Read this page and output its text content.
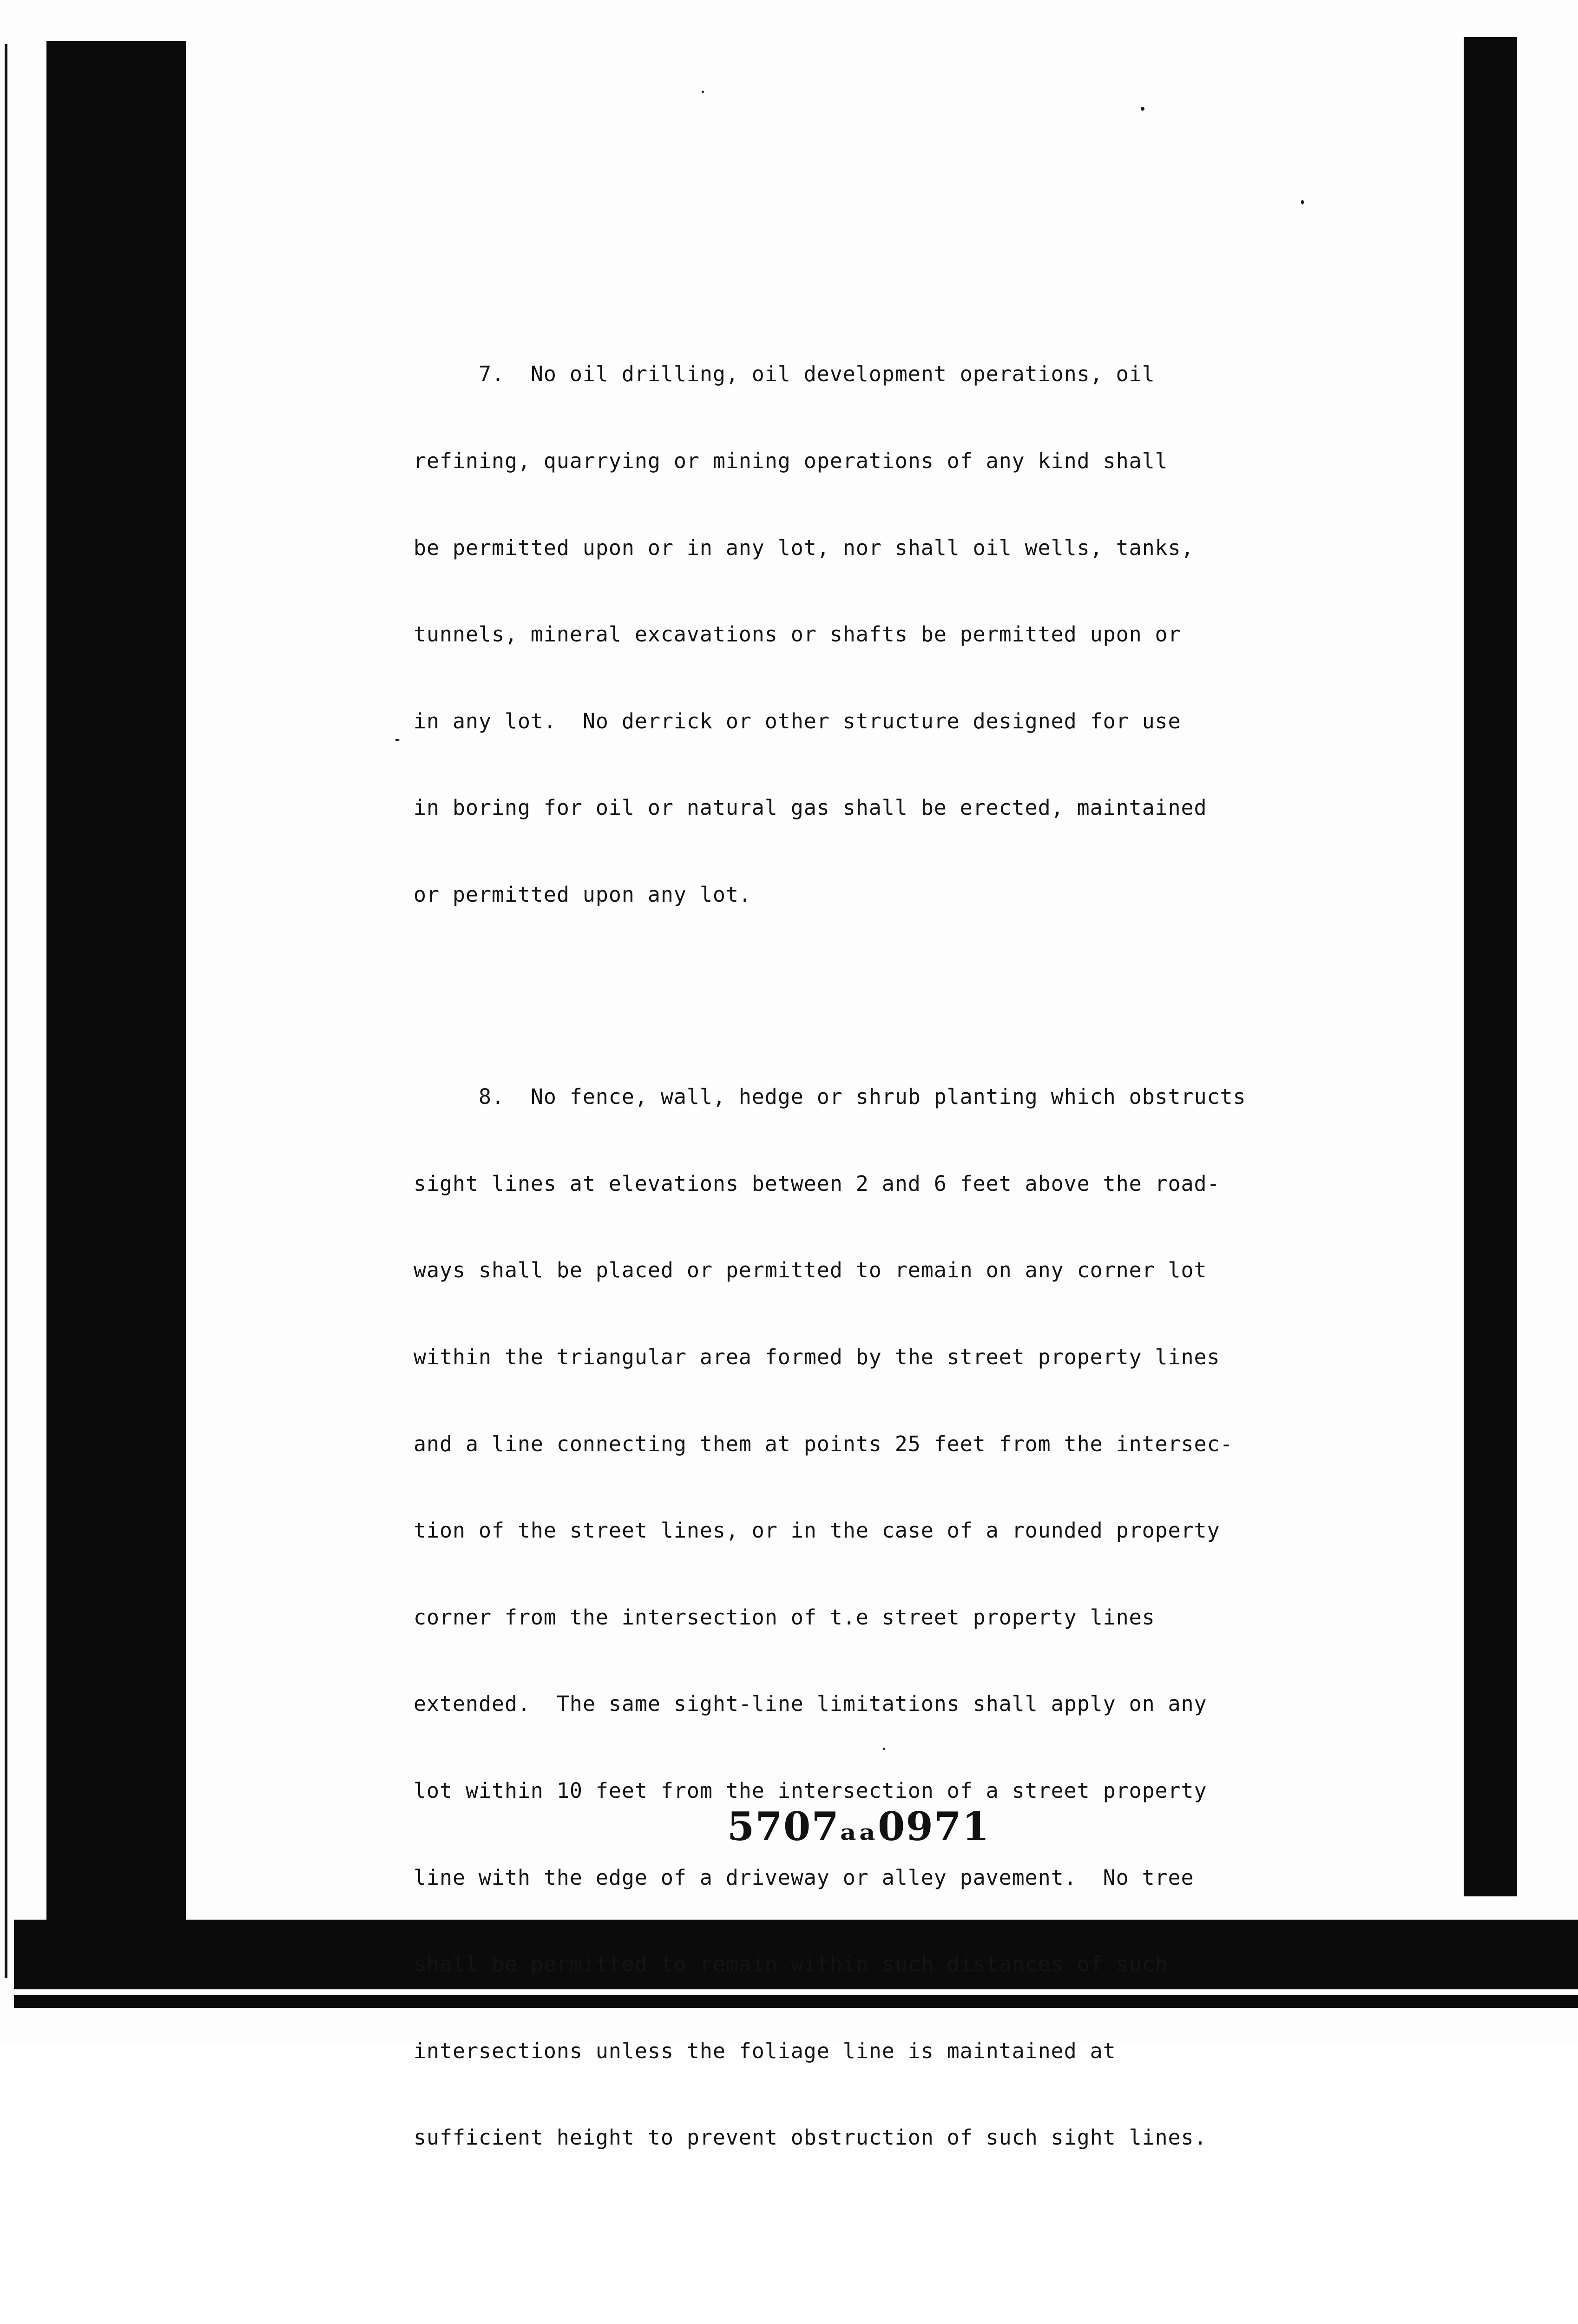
7.  No oil drilling, oil development operations, oil

refining, quarrying or mining operations of any kind shall

be permitted upon or in any lot, nor shall oil wells, tanks,

tunnels, mineral excavations or shafts be permitted upon or

in any lot.  No derrick or other structure designed for use

in boring for oil or natural gas shall be erected, maintained

or permitted upon any lot.

8.  No fence, wall, hedge or shrub planting which obstructs

sight lines at elevations between 2 and 6 feet above the road-

ways shall be placed or permitted to remain on any corner lot

within the triangular area formed by the street property lines

and a line connecting them at points 25 feet from the intersec-

tion of the street lines, or in the case of a rounded property

corner from the intersection of t.e street property lines

extended.  The same sight-line limitations shall apply on any

lot within 10 feet from the intersection of a street property

line with the edge of a driveway or alley pavement.  No tree

shall be permitted to remain within such distances of such

intersections unless the foliage line is maintained at

sufficient height to prevent obstruction of such sight lines.

5707ₐₐ0971
